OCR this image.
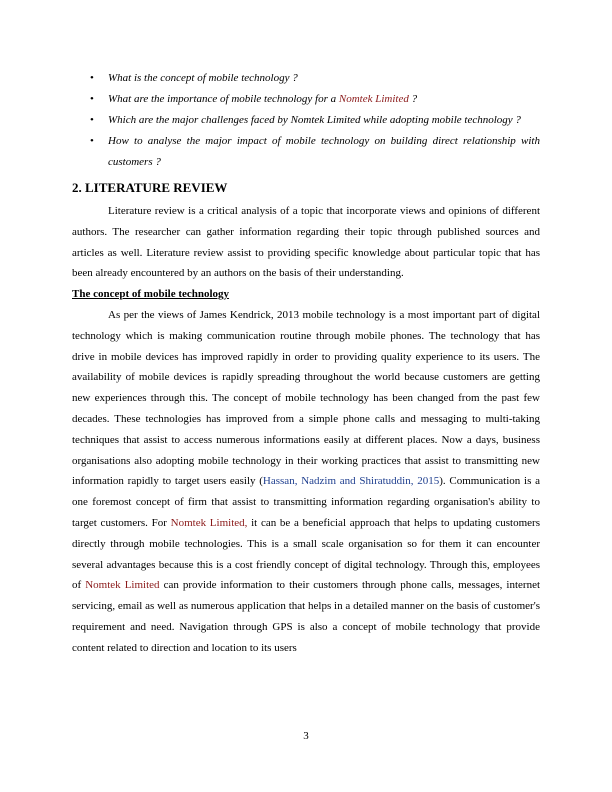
• What is the concept of mobile technology ?
• What are the importance of mobile technology for a Nomtek Limited ?
• Which are the major challenges faced by Nomtek Limited while adopting mobile technology ?
• How to analyse the major impact of mobile technology on building direct relationship with customers ?
2. LITERATURE REVIEW

Literature review is a critical analysis of a topic that incorporate views and opinions of different authors. The researcher can gather information regarding their topic through published sources and articles as well. Literature review assist to providing specific knowledge about particular topic that has been already encountered by an authors on the basis of their understanding.

The concept of mobile technology

As per the views of James Kendrick, 2013 mobile technology is a most important part of digital technology which is making communication routine through mobile phones. The technology that has drive in mobile devices has improved rapidly in order to providing quality experience to its users. The availability of mobile devices is rapidly spreading throughout the world because customers are getting new experiences through this. The concept of mobile technology has been changed from the past few decades. These technologies has improved from a simple phone calls and messaging to multi-taking techniques that assist to access numerous informations easily at different places. Now a days, business organisations also adopting mobile technology in their working practices that assist to transmitting new information rapidly to target users easily (Hassan, Nadzim and Shiratuddin, 2015). Communication is a one foremost concept of firm that assist to transmitting information regarding organisation's ability to target customers. For Nomtek Limited, it can be a beneficial approach that helps to updating customers directly through mobile technologies. This is a small scale organisation so for them it can encounter several advantages because this is a cost friendly concept of digital technology. Through this, employees of Nomtek Limited can provide information to their customers through phone calls, messages, internet servicing, email as well as numerous application that helps in a detailed manner on the basis of customer's requirement and need. Navigation through GPS is also a concept of mobile technology that provide content related to direction and location to its users

3
